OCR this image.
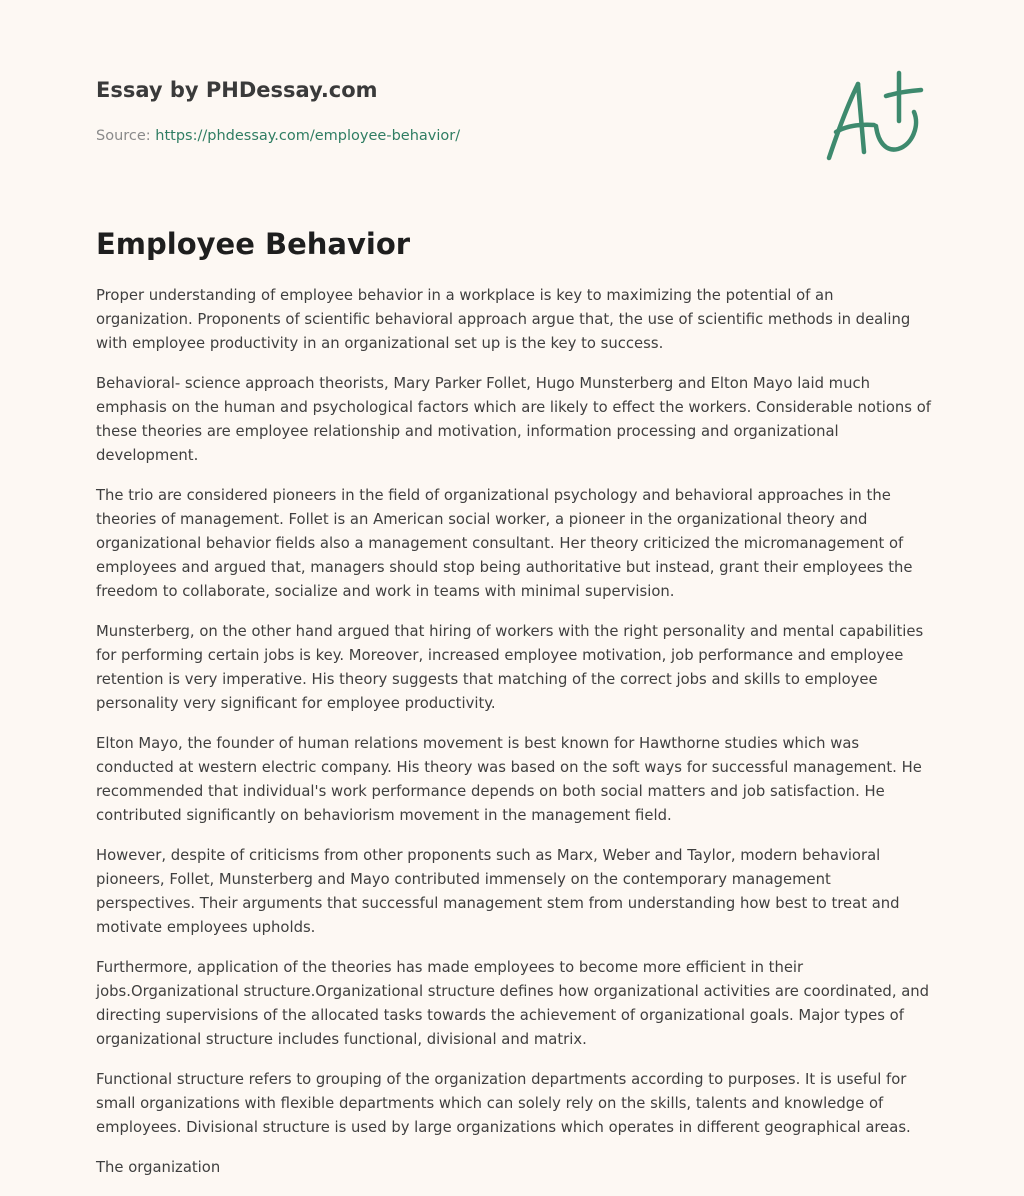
Essay by PHDessay.com
Source: https://phdessay.com/employee-behavior/
Employee Behavior

Proper understanding of employee behavior in a workplace is key to maximizing the potential of an organization. Proponents of scientific behavioral approach argue that, the use of scientific methods in dealing with employee productivity in an organizational set up is the key to success.

Behavioral- science approach theorists, Mary Parker Follet, Hugo Munsterberg and Elton Mayo laid much emphasis on the human and psychological factors which are likely to effect the workers. Considerable notions of these theories are employee relationship and motivation, information processing and organizational development.

The trio are considered pioneers in the field of organizational psychology and behavioral approaches in the theories of management. Follet is an American social worker, a pioneer in the organizational theory and organizational behavior fields also a management consultant. Her theory criticized the micromanagement of employees and argued that, managers should stop being authoritative but instead, grant their employees the freedom to collaborate, socialize and work in teams with minimal supervision.

Munsterberg, on the other hand argued that hiring of workers with the right personality and mental capabilities for performing certain jobs is key. Moreover, increased employee motivation, job performance and employee retention is very imperative. His theory suggests that matching of the correct jobs and skills to employee personality very significant for employee productivity.

Elton Mayo, the founder of human relations movement is best known for Hawthorne studies which was conducted at western electric company. His theory was based on the soft ways for successful management. He recommended that individual's work performance depends on both social matters and job satisfaction. He contributed significantly on behaviorism movement in the management field.

However, despite of criticisms from other proponents such as Marx, Weber and Taylor, modern behavioral pioneers, Follet, Munsterberg and Mayo contributed immensely on the contemporary management perspectives. Their arguments that successful management stem from understanding how best to treat and motivate employees upholds.

Furthermore, application of the theories has made employees to become more efficient in their jobs.Organizational structure.Organizational structure defines how organizational activities are coordinated, and directing supervisions of the allocated tasks towards the achievement of organizational goals. Major types of organizational structure includes functional, divisional and matrix.

Functional structure refers to grouping of the organization departments according to purposes. It is useful for small organizations with flexible departments which can solely rely on the skills, talents and knowledge of employees. Divisional structure is used by large organizations which operates in different geographical areas.

The organization
